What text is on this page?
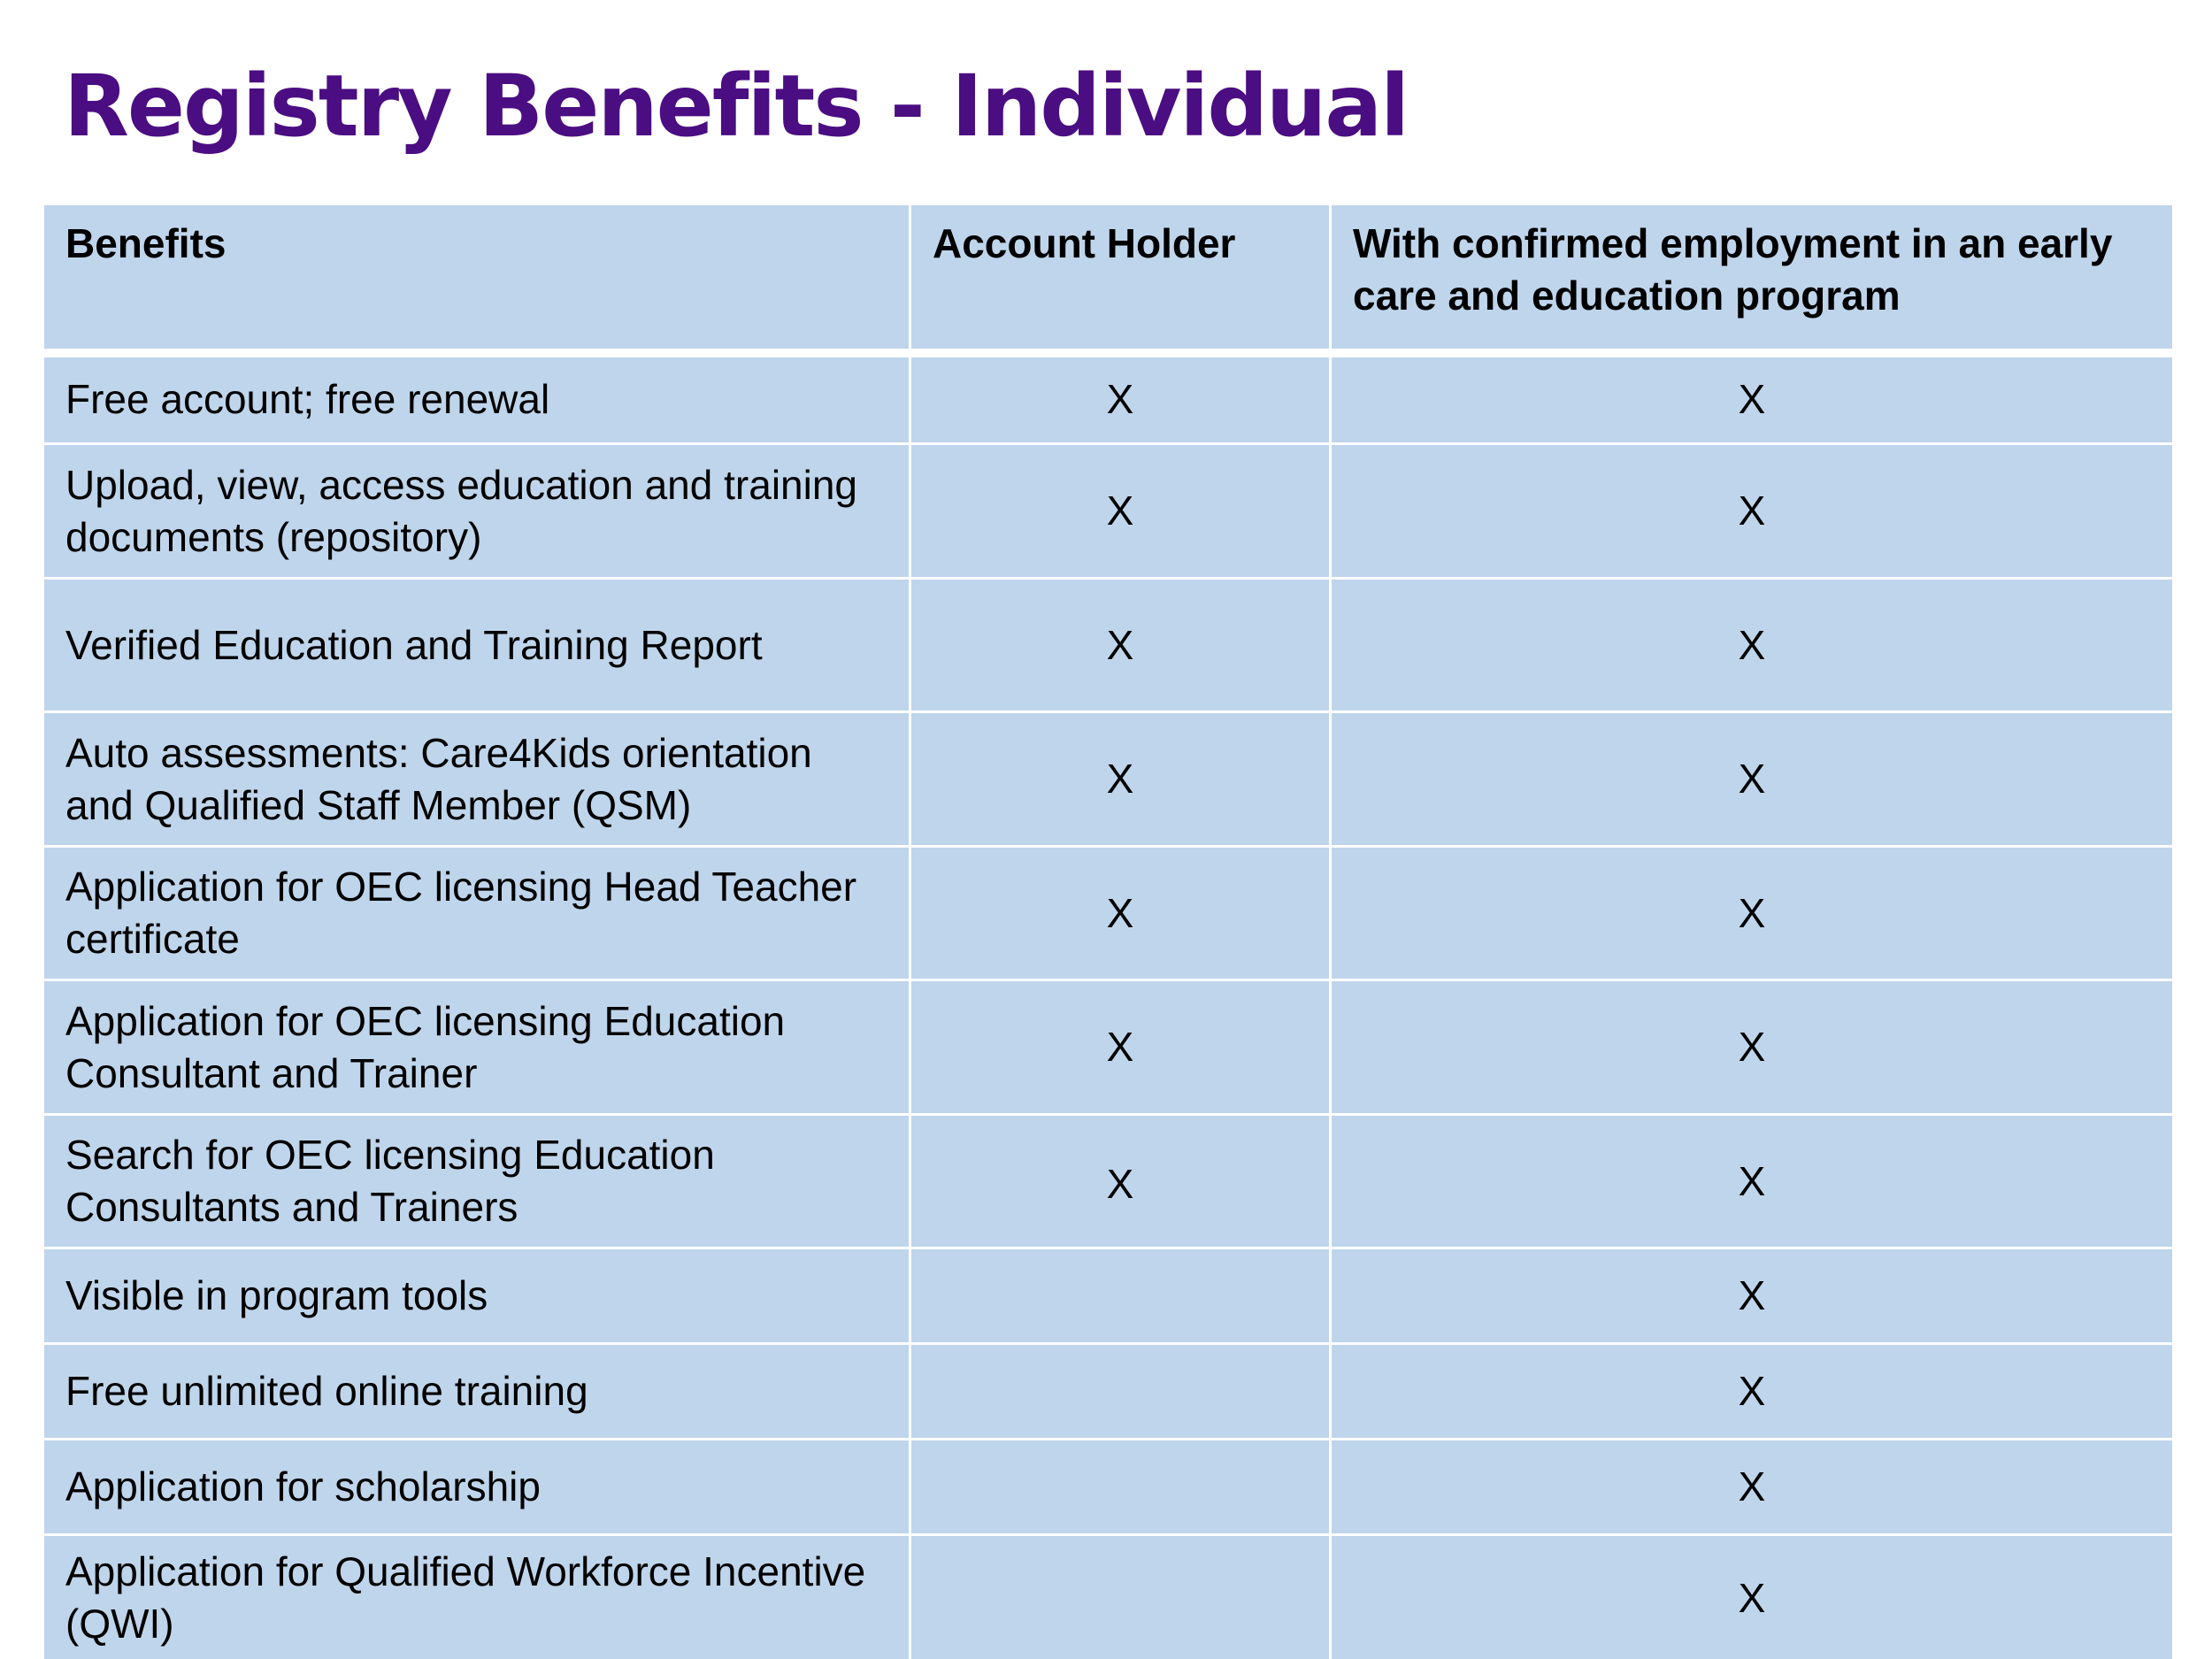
Registry Benefits - Individual
Benefits	Account Holder	With confirmed employment in an early care and education program
Free account; free renewal	X	X
Upload, view, access education and training documents (repository)	X	X
Verified Education and Training Report	X	X
Auto assessments: Care4Kids orientation and Qualified Staff Member (QSM)	X	X
Application for OEC licensing Head Teacher certificate	X	X
Application for OEC licensing Education Consultant and Trainer	X	X
Search for OEC licensing Education Consultants and Trainers	X	X
Visible in program tools		X
Free unlimited online training		X
Application for scholarship		X
Application for Qualified Workforce Incentive (QWI)		X
